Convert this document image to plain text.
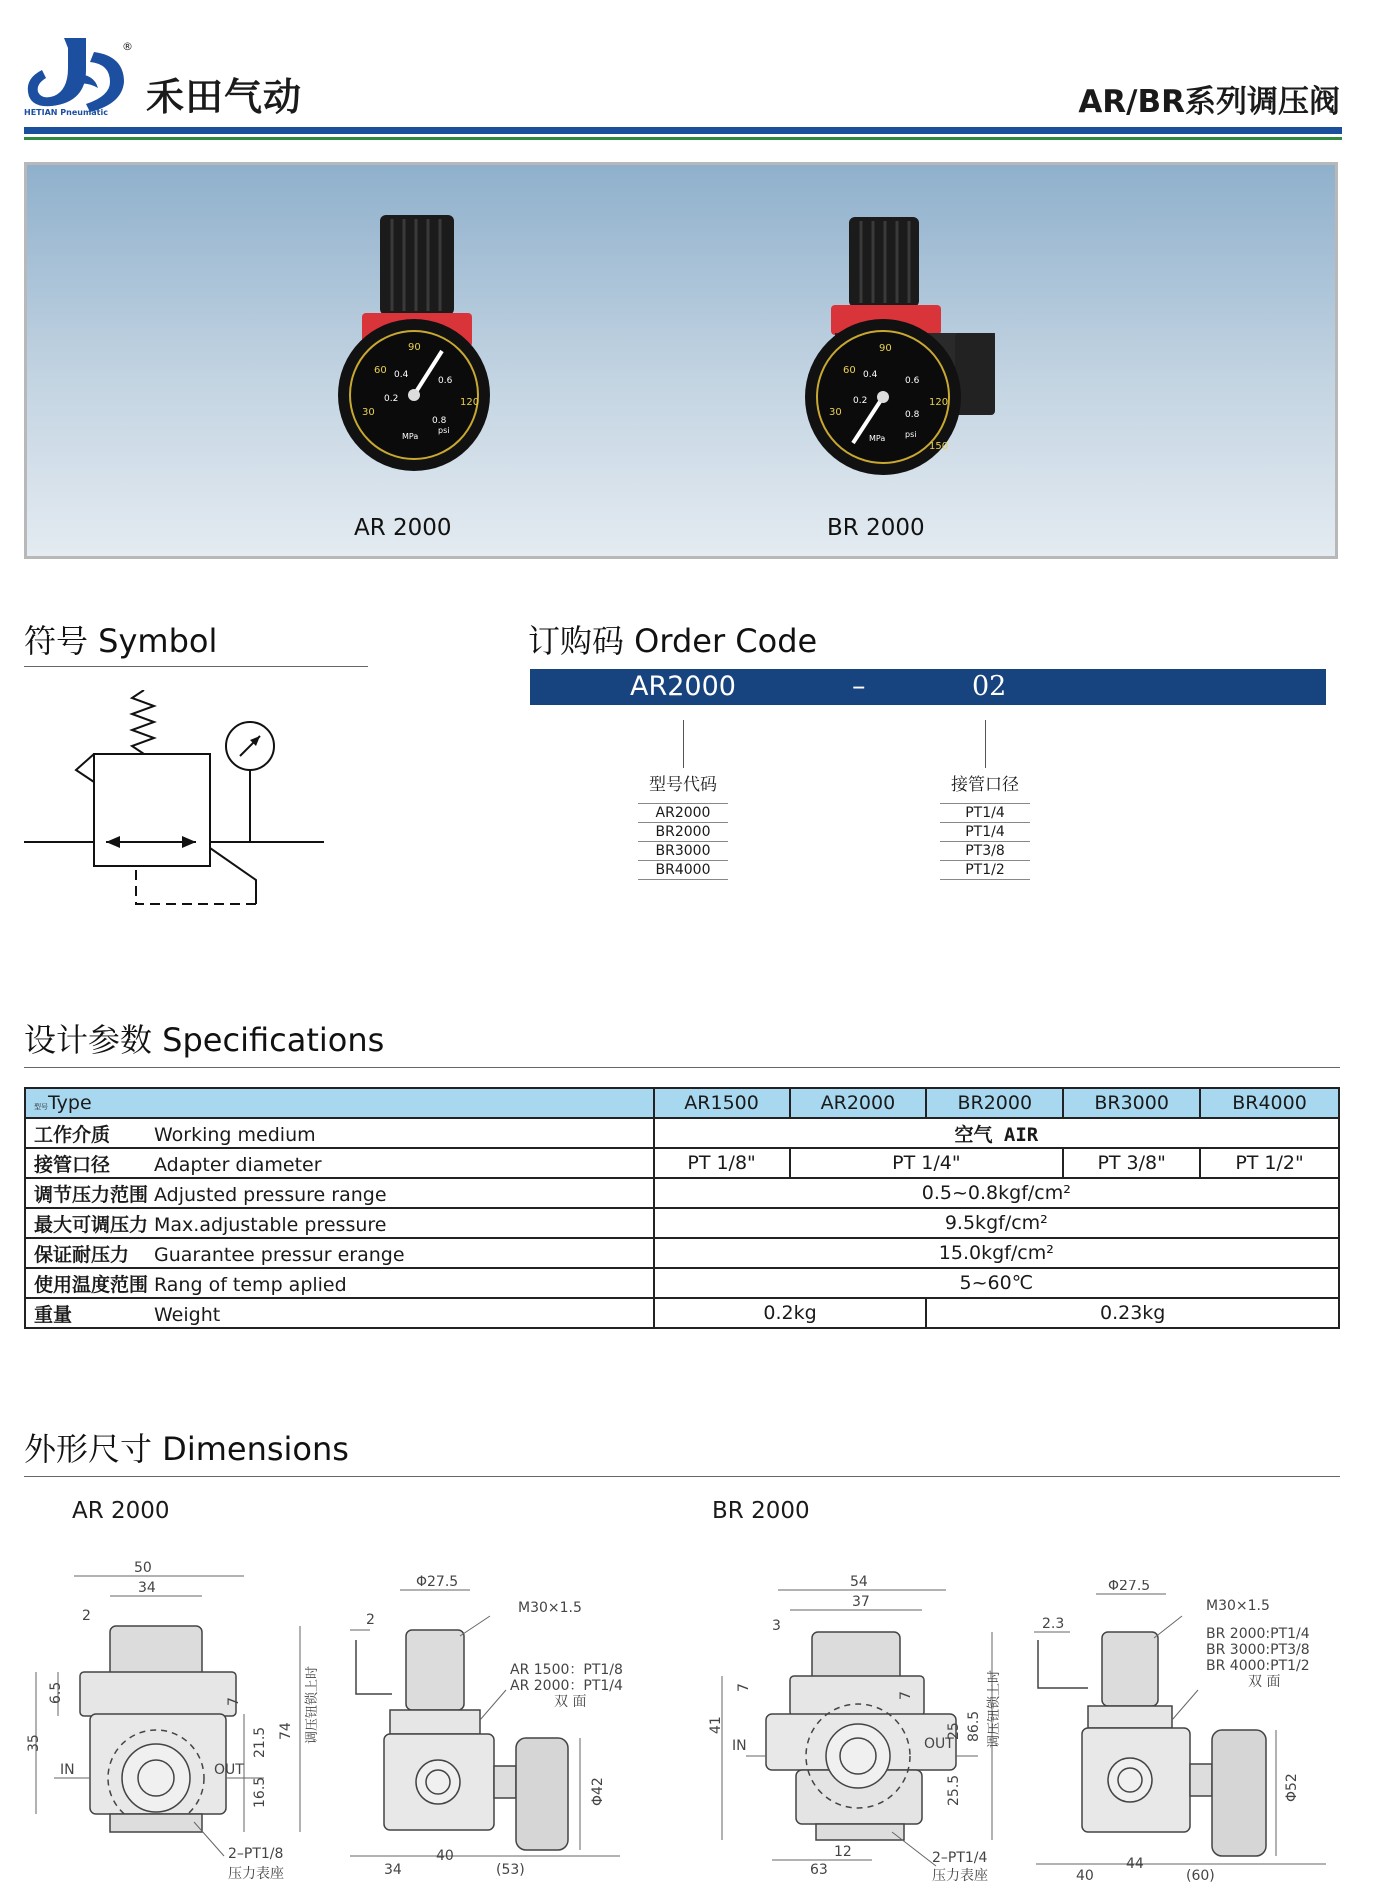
®
HETIAN Pneumatic 禾田气动	AR/BR系列调压阀
60
90
120
30
0.2
0.4
0.6
0.8
MPa
psi
AR 2000
60
90
120
30
150
0.2
0.4
0.6
0.8
MPa psi
BR 2000
符号 Symbol	订购码 Order Code
AR2000	–	02
型号代码
AR2000
BR2000
BR3000
BR4000
接管口径
PT1/4
PT1/4
PT3/8
PT1/2
设计参数 Specifications
型号Type	AR1500	AR2000	BR2000	BR3000	BR4000
工作介质 Working medium	空气 AIR				
接管口径 Adapter diameter	PT 1/8"	PT 1/4"		PT 3/8"	PT 1/2"
调节压力范围 Adjusted pressure range	0.5~0.8kgf/cm²				
最大可调压力 Max.adjustable pressure	9.5kgf/cm²				
保证耐压力 Guarantee pressur erange	15.0kgf/cm²				
使用温度范围 Rang of temp aplied	5~60℃				
重量 Weight	0.2kg		0.23kg		
外形尺寸 Dimensions
AR 2000	BR 2000
50
34
2
6.5
35
7
21.5
16.5
74 调压钮锁上时
IN	OUT
2–PT1/8
压力表座
Φ27.5
2
M30×1.5
AR 1500：PT1/8
AR 2000：PT1/4
双 面
Φ42
34
40
(53)
54
37
3
7
41
7
25
25.5
86.5 调压钮锁上时
IN	OUT
12
63
2–PT1/4
压力表座
Φ27.5
2.3
M30×1.5
BR 2000:PT1/4
BR 3000:PT3/8
BR 4000:PT1/2
双 面
Φ52
40
44
(60)
